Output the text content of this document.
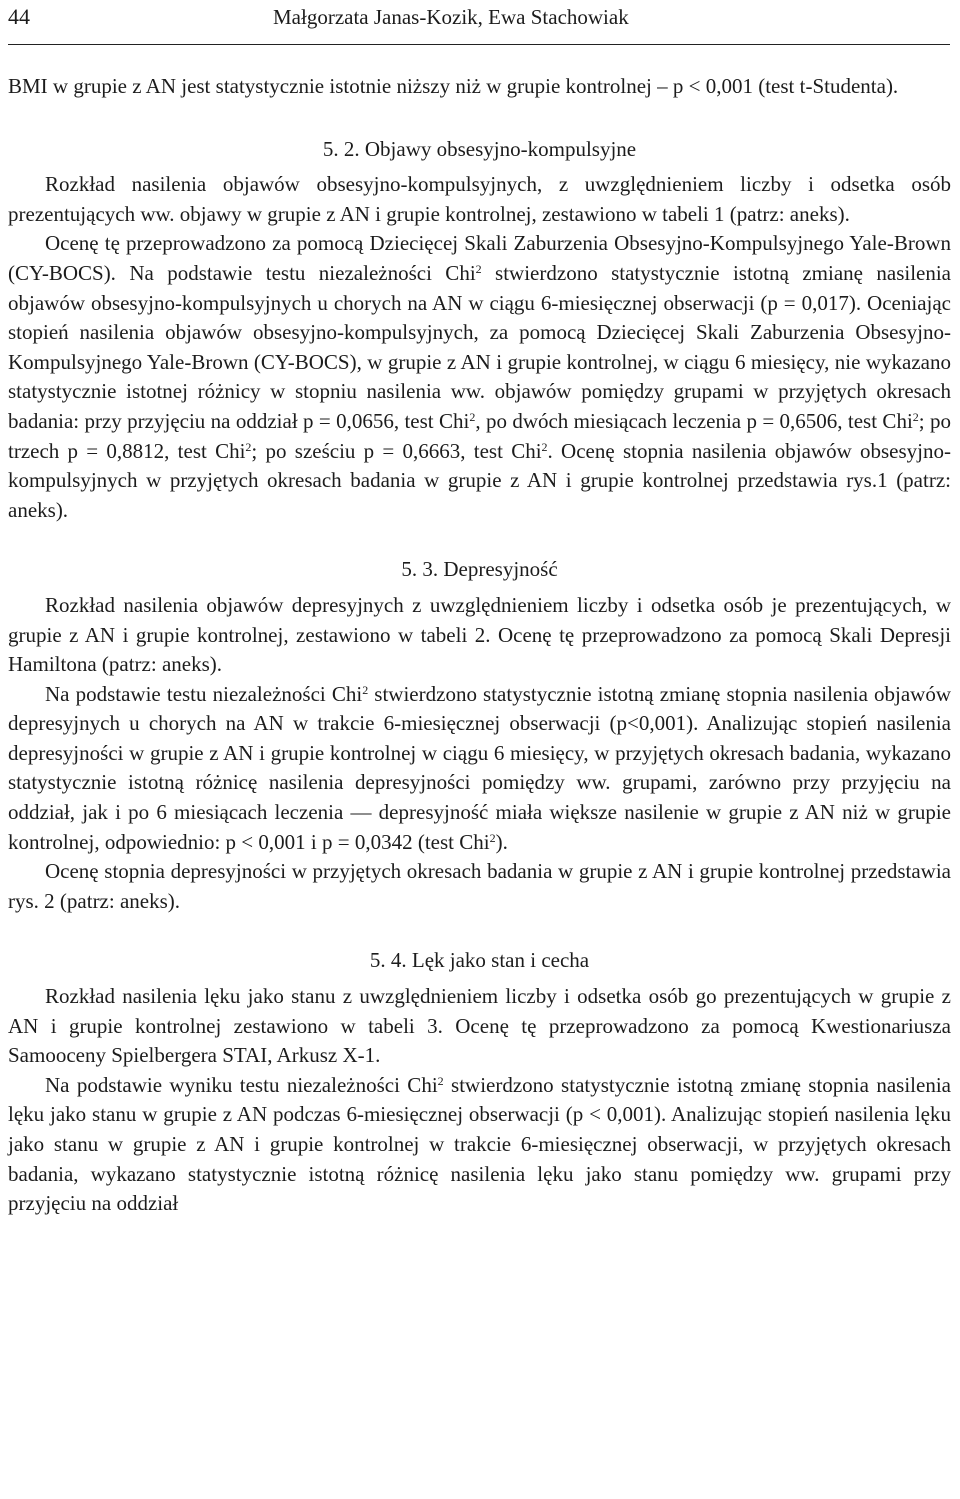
44	Małgorzata Janas-Kozik, Ewa Stachowiak

BMI w grupie z AN jest statystycznie istotnie niższy niż w grupie kontrolnej – p < 0,001 (test t-Studenta).

5. 2. Objawy obsesyjno-kompulsyjne

Rozkład nasilenia objawów obsesyjno-kompulsyjnych, z uwzględnieniem liczby i odsetka osób prezentujących ww. objawy w grupie z AN i grupie kontrolnej, zestawiono w tabeli 1 (patrz: aneks).

Ocenę tę przeprowadzono za pomocą Dziecięcej Skali Zaburzenia Obsesyjno-Kompulsyjnego Yale-Brown (CY-BOCS). Na podstawie testu niezależności Chi$^2$ stwierdzono statystycznie istotną zmianę nasilenia objawów obsesyjno-kompulsyjnych u chorych na AN w ciągu 6-miesięcznej obserwacji (p = 0,017). Oceniając stopień nasilenia objawów obsesyjno-kompulsyjnych, za pomocą Dziecięcej Skali Zaburzenia Obsesyjno-Kompulsyjnego Yale-Brown (CY-BOCS), w grupie z AN i grupie kontrolnej, w ciągu 6 miesięcy, nie wykazano statystycznie istotnej różnicy w stopniu nasilenia ww. objawów pomiędzy grupami w przyjętych okresach badania: przy przyjęciu na oddział p = 0,0656, test Chi$^2$, po dwóch miesiącach leczenia p = 0,6506, test Chi$^2$; po trzech p = 0,8812, test Chi$^2$; po sześciu p = 0,6663, test Chi$^2$. Ocenę stopnia nasilenia objawów obsesyjno-kompulsyjnych w przyjętych okresach badania w grupie z AN i grupie kontrolnej przedstawia rys.1 (patrz: aneks).

5. 3. Depresyjność

Rozkład nasilenia objawów depresyjnych z uwzględnieniem liczby i odsetka osób je prezentujących, w grupie z AN i grupie kontrolnej, zestawiono w tabeli 2. Ocenę tę przeprowadzono za pomocą Skali Depresji Hamiltona (patrz: aneks).

Na podstawie testu niezależności Chi$^2$ stwierdzono statystycznie istotną zmianę stopnia nasilenia objawów depresyjnych u chorych na AN w trakcie 6-miesięcznej obserwacji (p<0,001). Analizując stopień nasilenia depresyjności w grupie z AN i grupie kontrolnej w ciągu 6 miesięcy, w przyjętych okresach badania, wykazano statystycznie istotną różnicę nasilenia depresyjności pomiędzy ww. grupami, zarówno przy przyjęciu na oddział, jak i po 6 miesiącach leczenia — depresyjność miała większe nasilenie w grupie z AN niż w grupie kontrolnej, odpowiednio: p < 0,001 i p = 0,0342 (test Chi$^2$).

Ocenę stopnia depresyjności w przyjętych okresach badania w grupie z AN i grupie kontrolnej przedstawia rys. 2 (patrz: aneks).

5. 4. Lęk jako stan i cecha

Rozkład nasilenia lęku jako stanu z uwzględnieniem liczby i odsetka osób go prezentujących w grupie z AN i grupie kontrolnej zestawiono w tabeli 3. Ocenę tę przeprowadzono za pomocą Kwestionariusza Samooceny Spielbergera STAI, Arkusz X-1.

Na podstawie wyniku testu niezależności Chi$^2$ stwierdzono statystycznie istotną zmianę stopnia nasilenia lęku jako stanu w grupie z AN podczas 6-miesięcznej obserwacji (p < 0,001). Analizując stopień nasilenia lęku jako stanu w grupie z AN i grupie kontrolnej w trakcie 6-miesięcznej obserwacji, w przyjętych okresach badania, wykazano statystycznie istotną różnicę nasilenia lęku jako stanu pomiędzy ww. grupami przy przyjęciu na oddział
